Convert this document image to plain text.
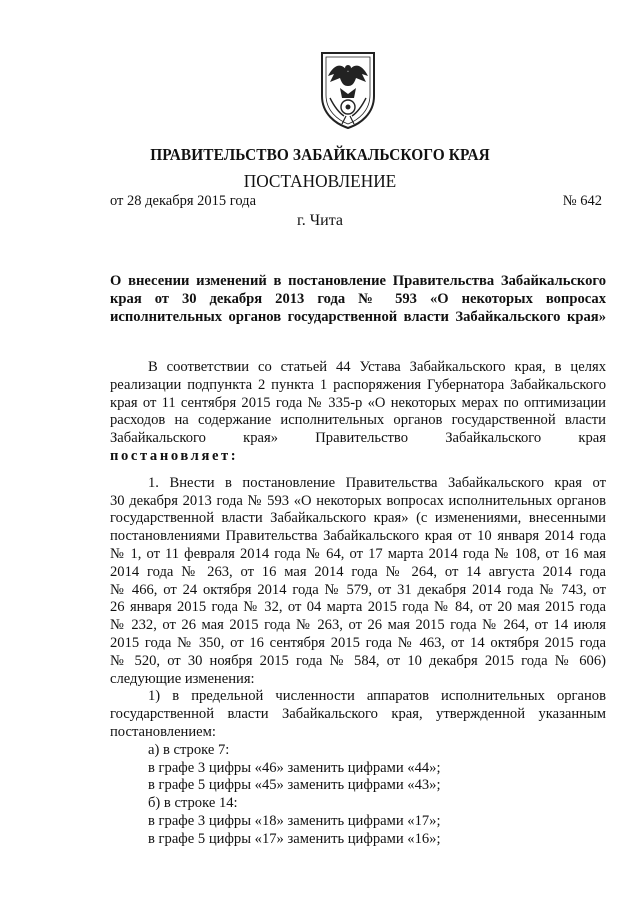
ПРАВИТЕЛЬСТВО ЗАБАЙКАЛЬСКОГО КРАЯ
ПОСТАНОВЛЕНИЕ
от 28 декабря 2015 года	№ 642
г. Чита
О внесении изменений в постановление Правительства Забайкальского
края от 30 декабря 2013 года № 593 «О некоторых вопросах
исполнительных органов государственной власти Забайкальского края»
В соответствии со статьей 44 Устава Забайкальского края, в целях
реализации подпункта 2 пункта 1 распоряжения Губернатора Забайкальского
края от 11 сентября 2015 года № 335-р «О некоторых мерах по оптимизации
расходов на содержание исполнительных органов государственной власти
Забайкальского края» Правительство Забайкальского края
постановляет:
1. Внести в постановление Правительства Забайкальского края от
30 декабря 2013 года № 593 «О некоторых вопросах исполнительных органов
государственной власти Забайкальского края» (с изменениями, внесенными
постановлениями Правительства Забайкальского края от 10 января 2014 года
№ 1, от 11 февраля 2014 года № 64, от 17 марта 2014 года № 108, от 16 мая
2014 года № 263, от 16 мая 2014 года № 264, от 14 августа 2014 года
№ 466, от 24 октября 2014 года № 579, от 31 декабря 2014 года № 743, от
26 января 2015 года № 32, от 04 марта 2015 года № 84, от 20 мая 2015 года
№ 232, от 26 мая 2015 года № 263, от 26 мая 2015 года № 264, от 14 июля
2015 года № 350, от 16 сентября 2015 года № 463, от 14 октября 2015 года
№ 520, от 30 ноября 2015 года № 584, от 10 декабря 2015 года № 606)
следующие изменения:
1) в предельной численности аппаратов исполнительных органов
государственной власти Забайкальского края, утвержденной указанным
постановлением:
а) в строке 7:
в графе 3 цифры «46» заменить цифрами «44»;
в графе 5 цифры «45» заменить цифрами «43»;
б) в строке 14:
в графе 3 цифры «18» заменить цифрами «17»;
в графе 5 цифры «17» заменить цифрами «16»;
